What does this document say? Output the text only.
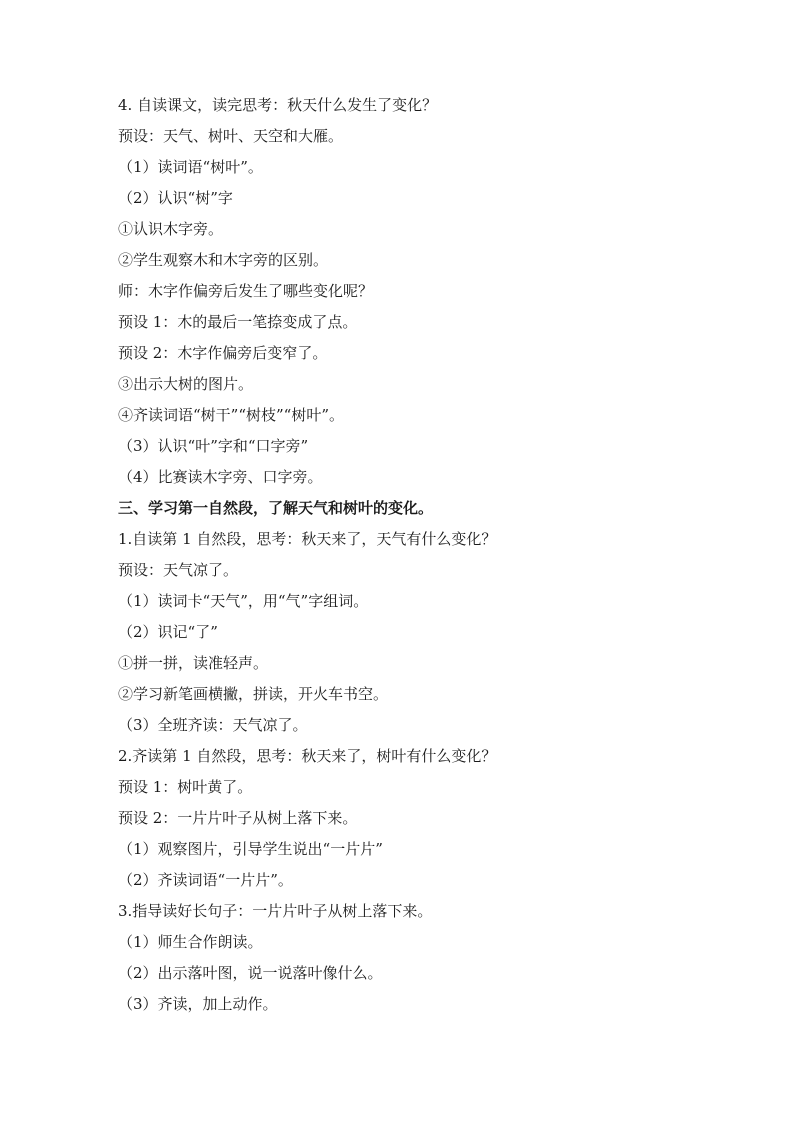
4. 自读课文，读完思考：秋天什么发生了变化？
预设：天气、树叶、天空和大雁。
（1）读词语“树叶”。
（2）认识“树”字
①认识木字旁。
②学生观察木和木字旁的区别。
师：木字作偏旁后发生了哪些变化呢？
预设 1：木的最后一笔捺变成了点。
预设 2：木字作偏旁后变窄了。
③出示大树的图片。
④齐读词语“树干”“树枝”“树叶”。
（3）认识“叶”字和“口字旁”
（4）比赛读木字旁、口字旁。
三、学习第一自然段，了解天气和树叶的变化。
1.自读第 1 自然段，思考：秋天来了，天气有什么变化？
预设：天气凉了。
（1）读词卡“天气”，用“气”字组词。
（2）识记“了”
①拼一拼，读准轻声。
②学习新笔画横撇，拼读，开火车书空。
（3）全班齐读：天气凉了。
2.齐读第 1 自然段，思考：秋天来了，树叶有什么变化？
预设 1：树叶黄了。
预设 2：一片片叶子从树上落下来。
（1）观察图片，引导学生说出“一片片”
（2）齐读词语“一片片”。
3.指导读好长句子：一片片叶子从树上落下来。
（1）师生合作朗读。
（2）出示落叶图，说一说落叶像什么。
（3）齐读，加上动作。
